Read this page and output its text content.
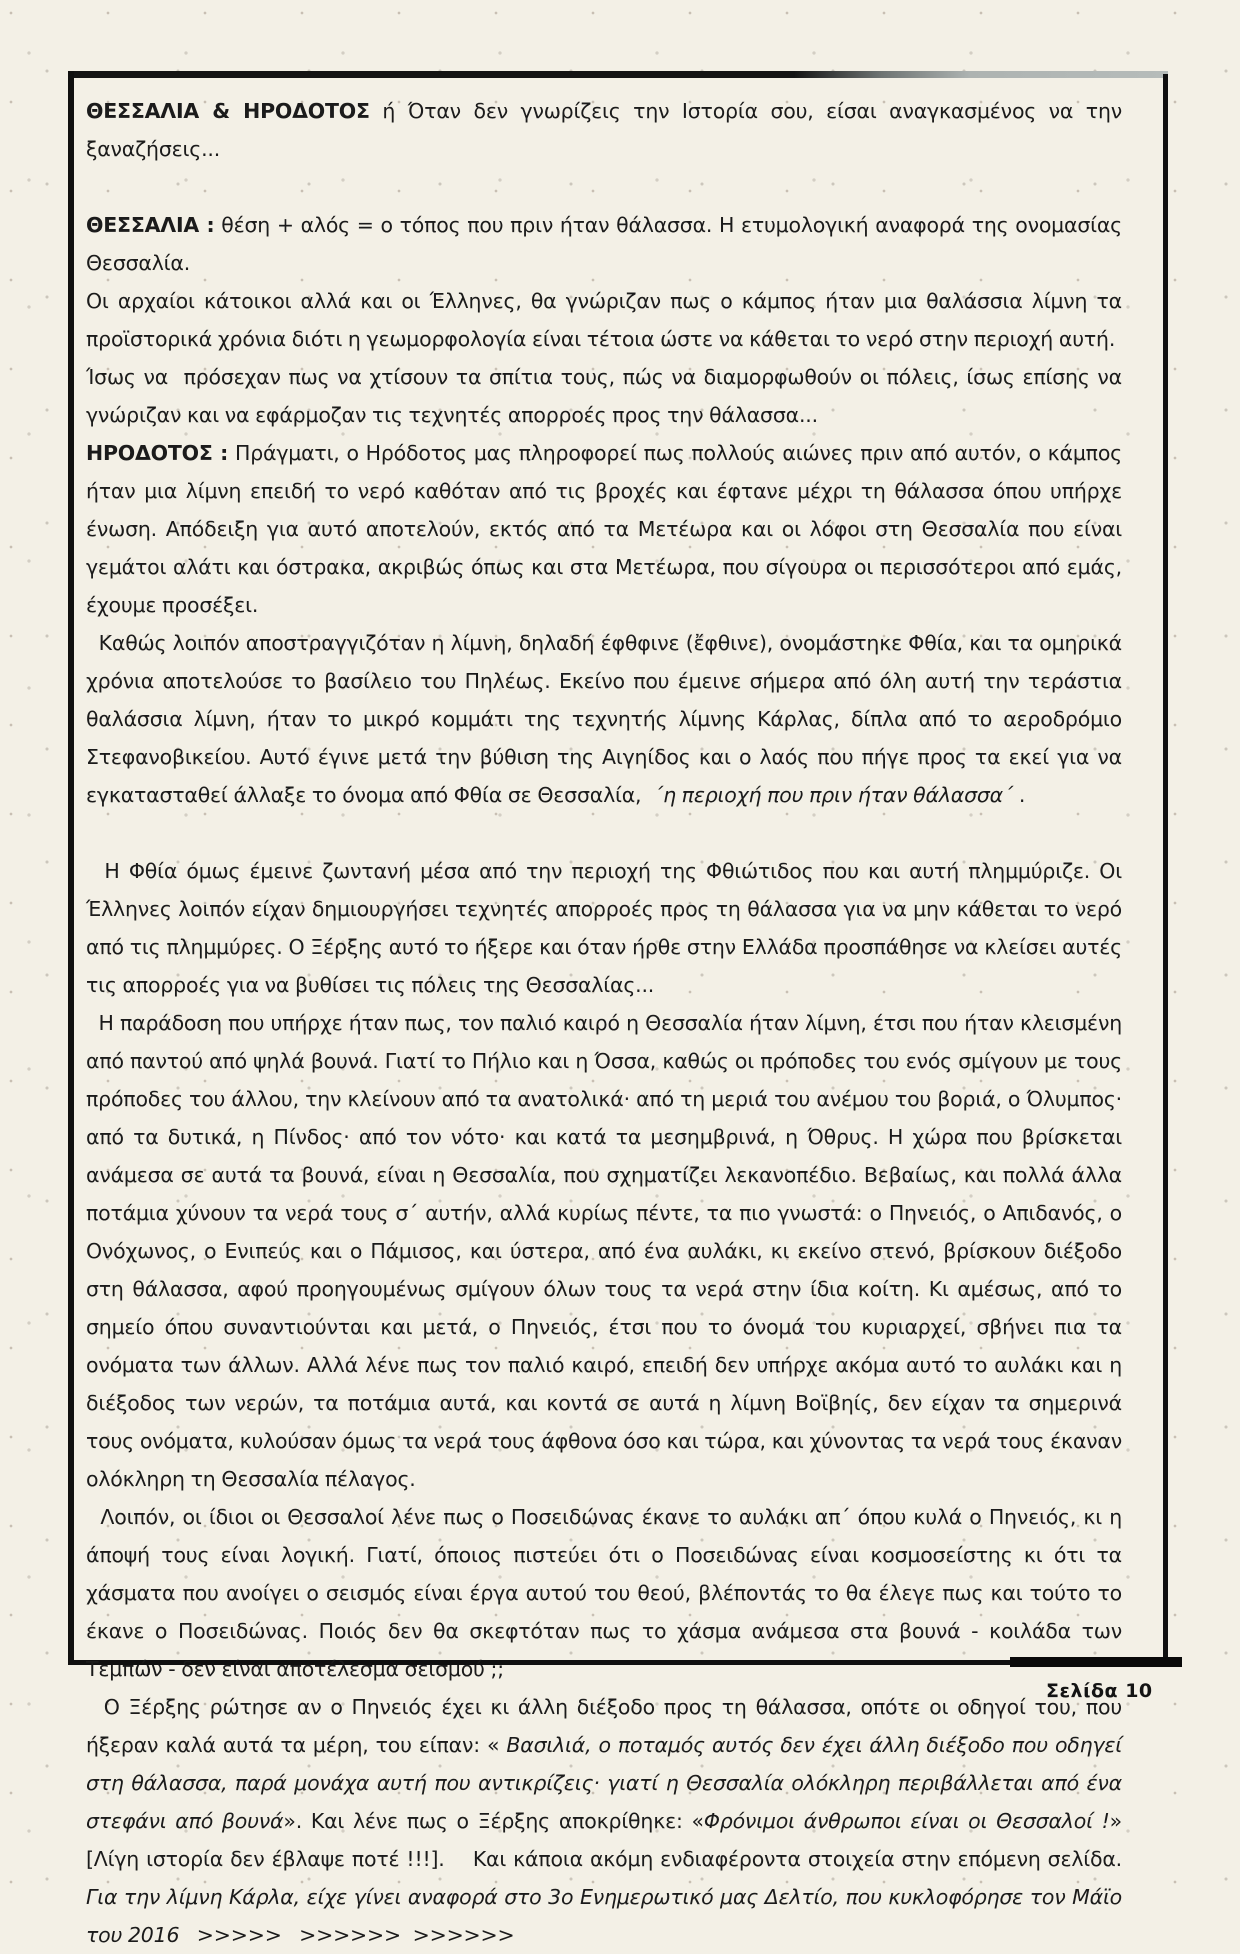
ΘΕΣΣΑΛΙΑ & ΗΡΟΔΟΤΟΣ ή Όταν δεν γνωρίζεις την Ιστορία σου, είσαι αναγκασμένος να την ξαναζήσεις...

ΘΕΣΣΑΛΙΑ : θέση + αλός = ο τόπος που πριν ήταν θάλασσα. Η ετυμολογική αναφορά της ονομασίας Θεσσαλία.

Οι αρχαίοι κάτοικοι αλλά και οι Έλληνες, θα γνώριζαν πως ο κάμπος ήταν μια θαλάσσια λίμνη τα προϊστορικά χρόνια διότι η γεωμορφολογία είναι τέτοια ώστε να κάθεται το νερό στην περιοχή αυτή.

Ίσως να  πρόσεχαν πως να χτίσουν τα σπίτια τους, πώς να διαμορφωθούν οι πόλεις, ίσως επίσης να γνώριζαν και να εφάρμοζαν τις τεχνητές απορροές προς την θάλασσα...

ΗΡΟΔΟΤΟΣ : Πράγματι, ο Ηρόδοτος μας πληροφορεί πως πολλούς αιώνες πριν από αυτόν, ο κάμπος ήταν μια λίμνη επειδή το νερό καθόταν από τις βροχές και έφτανε μέχρι τη θάλασσα όπου υπήρχε ένωση. Απόδειξη για αυτό αποτελούν, εκτός από τα Μετέωρα και οι λόφοι στη Θεσσαλία που είναι γεμάτοι αλάτι και όστρακα, ακριβώς όπως και στα Μετέωρα, που σίγουρα οι περισσότεροι από εμάς, έχουμε προσέξει.

Καθώς λοιπόν αποστραγγιζόταν η λίμνη, δηλαδή έφθφινε (ἔφθινε), ονομάστηκε Φθία, και τα ομηρικά χρόνια αποτελούσε το βασίλειο του Πηλέως. Εκείνο που έμεινε σήμερα από όλη αυτή την τεράστια θαλάσσια λίμνη, ήταν το μικρό κομμάτι της τεχνητής λίμνης Κάρλας, δίπλα από το αεροδρόμιο Στεφανοβικείου. Αυτό έγινε μετά την βύθιση της Αιγηίδος και ο λαός που πήγε προς τα εκεί για να εγκατασταθεί άλλαξε το όνομα από Φθία σε Θεσσαλία,  ΄η περιοχή που πριν ήταν θάλασσα΄ .

Η Φθία όμως έμεινε ζωντανή μέσα από την περιοχή της Φθιώτιδος που και αυτή πλημμύριζε. Οι Έλληνες λοιπόν είχαν δημιουργήσει τεχνητές απορροές προς τη θάλασσα για να μην κάθεται το νερό από τις πλημμύρες. Ο Ξέρξης αυτό το ήξερε και όταν ήρθε στην Ελλάδα προσπάθησε να κλείσει αυτές τις απορροές για να βυθίσει τις πόλεις της Θεσσαλίας...

Η παράδοση που υπήρχε ήταν πως, τον παλιό καιρό η Θεσσαλία ήταν λίμνη, έτσι που ήταν κλεισμένη από παντού από ψηλά βουνά. Γιατί το Πήλιο και η Όσσα, καθώς οι πρόποδες του ενός σμίγουν με τους πρόποδες του άλλου, την κλείνουν από τα ανατολικά· από τη μεριά του ανέμου του βοριά, ο Όλυμπος· από τα δυτικά, η Πίνδος· από τον νότο· και κατά τα μεσημβρινά, η Όθρυς. Η χώρα που βρίσκεται ανάμεσα σε αυτά τα βουνά, είναι η Θεσσαλία, που σχηματίζει λεκανοπέδιο. Βεβαίως, και πολλά άλλα ποτάμια χύνουν τα νερά τους σ΄ αυτήν, αλλά κυρίως πέντε, τα πιο γνωστά: ο Πηνειός, ο Απιδανός, ο Ονόχωνος, ο Ενιπεύς και ο Πάμισος, και ύστερα, από ένα αυλάκι, κι εκείνο στενό, βρίσκουν διέξοδο στη θάλασσα, αφού προηγουμένως σμίγουν όλων τους τα νερά στην ίδια κοίτη. Κι αμέσως, από το σημείο όπου συναντιούνται και μετά, ο Πηνειός, έτσι που το όνομά του κυριαρχεί, σβήνει πια τα ονόματα των άλλων. Αλλά λένε πως τον παλιό καιρό, επειδή δεν υπήρχε ακόμα αυτό το αυλάκι και η διέξοδος των νερών, τα ποτάμια αυτά, και κοντά σε αυτά η λίμνη Βοϊβηίς, δεν είχαν τα σημερινά τους ονόματα, κυλούσαν όμως τα νερά τους άφθονα όσο και τώρα, και χύνοντας τα νερά τους έκαναν ολόκληρη τη Θεσσαλία πέλαγος.

Λοιπόν, οι ίδιοι οι Θεσσαλοί λένε πως ο Ποσειδώνας έκανε το αυλάκι απ΄ όπου κυλά ο Πηνειός, κι η άποψή τους είναι λογική. Γιατί, όποιος πιστεύει ότι ο Ποσειδώνας είναι κοσμοσείστης κι ότι τα χάσματα που ανοίγει ο σεισμός είναι έργα αυτού του θεού, βλέποντάς το θα έλεγε πως και τούτο το έκανε ο Ποσειδώνας. Ποιός δεν θα σκεφτόταν πως το χάσμα ανάμεσα στα βουνά - κοιλάδα των Τεμπών - δεν είναι αποτέλεσμα σεισμού ;;

Ο Ξέρξης ρώτησε αν ο Πηνειός έχει κι άλλη διέξοδο προς τη θάλασσα, οπότε οι οδηγοί του, που ήξεραν καλά αυτά τα μέρη, του είπαν: « Βασιλιά, ο ποταμός αυτός δεν έχει άλλη διέξοδο που οδηγεί στη θάλασσα, παρά μονάχα αυτή που αντικρίζεις· γιατί η Θεσσαλία ολόκληρη περιβάλλεται από ένα στεφάνι από βουνά». Και λένε πως ο Ξέρξης αποκρίθηκε: «Φρόνιμοι άνθρωποι είναι οι Θεσσαλοί !»  [Λίγη ιστορία δεν έβλαψε ποτέ !!!].    Και κάποια ακόμη ενδιαφέροντα στοιχεία στην επόμενη σελίδα. Για την λίμνη Κάρλα, είχε γίνει αναφορά στο 3ο Ενημερωτικό μας Δελτίο, που κυκλοφόρησε τον Μάϊο του 2016   >>>>>   >>>>>>  >>>>>>

Σελίδα 10
